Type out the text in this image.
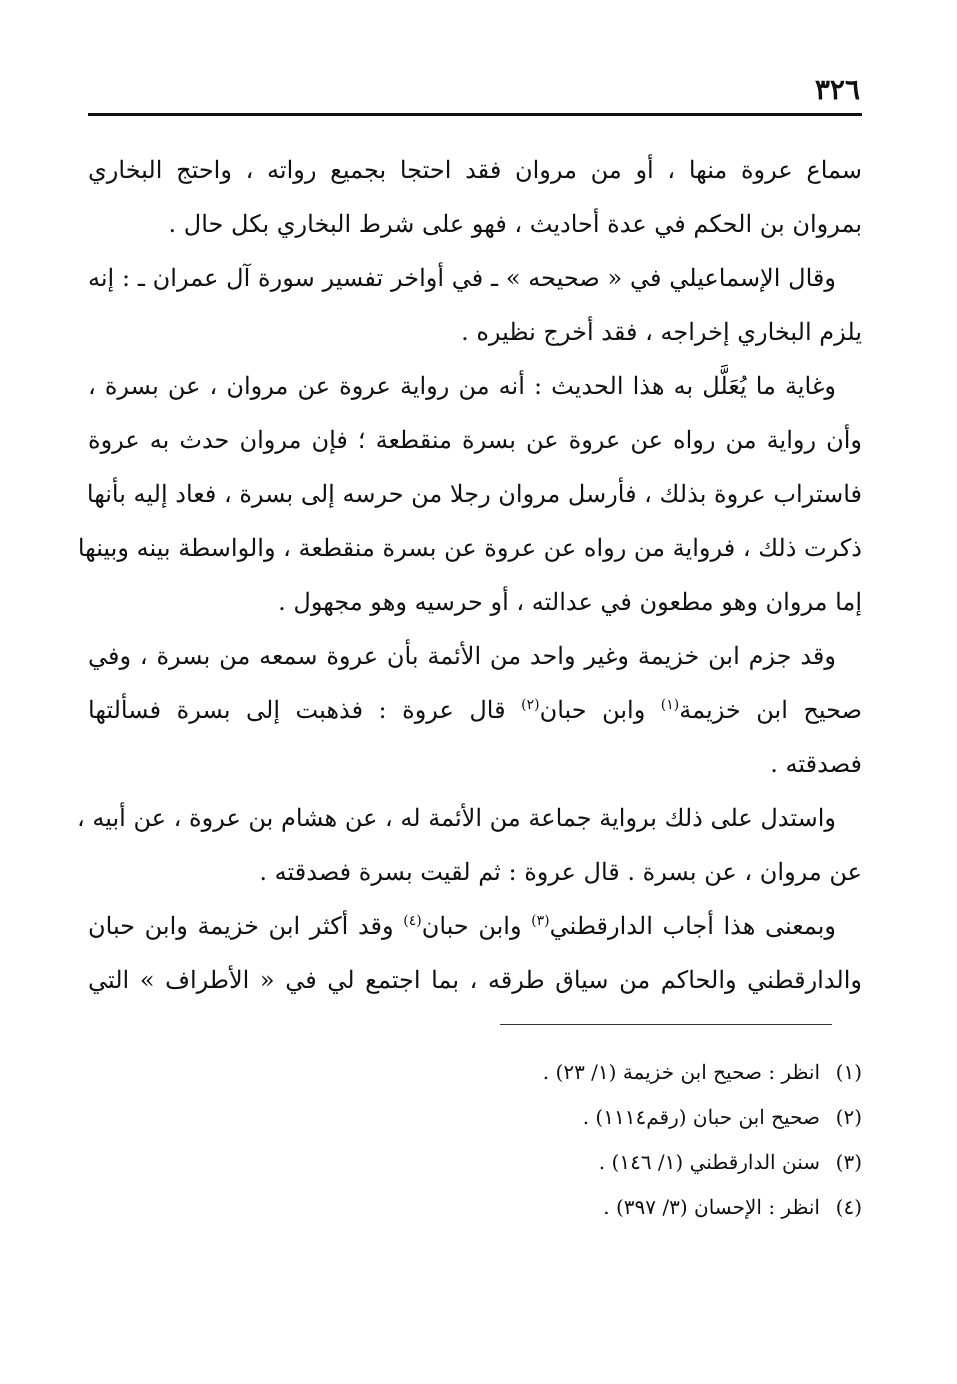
٣٢٦

سماع عروة منها ، أو من مروان فقد احتجا بجميع رواته ، واحتج البخاري
بمروان بن الحكم في عدة أحاديث ، فهو على شرط البخاري بكل حال .

وقال الإسماعيلي في « صحيحه » ـ في أواخر تفسير سورة آل عمران ـ : إنه
يلزم البخاري إخراجه ، فقد أخرج نظيره .

وغاية ما يُعَلَّل به هذا الحديث : أنه من رواية عروة عن مروان ، عن بسرة ،
وأن رواية من رواه عن عروة عن بسرة منقطعة ؛ فإن مروان حدث به عروة
فاستراب عروة بذلك ، فأرسل مروان رجلا من حرسه إلى بسرة ، فعاد إليه بأنها
ذكرت ذلك ، فرواية من رواه عن عروة عن بسرة منقطعة ، والواسطة بينه وبينها
إما مروان وهو مطعون في عدالته ، أو حرسيه وهو مجهول .

وقد جزم ابن خزيمة وغير واحد من الأئمة بأن عروة سمعه من بسرة ، وفي
صحيح ابن خزيمة$^{(١)}$ وابن حبان$^{(٢)}$ قال عروة : فذهبت إلى بسرة فسألتها
فصدقته .

واستدل على ذلك برواية جماعة من الأئمة له ، عن هشام بن عروة ، عن أبيه ،
عن مروان ، عن بسرة . قال عروة : ثم لقيت بسرة فصدقته .

وبمعنى هذا أجاب الدارقطني$^{(٣)}$ وابن حبان$^{(٤)}$ وقد أكثر ابن خزيمة وابن حبان
والدارقطني والحاكم من سياق طرقه ، بما اجتمع لي في « الأطراف » التي

(١)انظر : صحيح ابن خزيمة (١/ ٢٣) .
(٢)صحيح ابن حبان (رقم١١١٤) .
(٣)سنن الدارقطني (١/ ١٤٦) .
(٤)انظر : الإحسان (٣/ ٣٩٧) .
